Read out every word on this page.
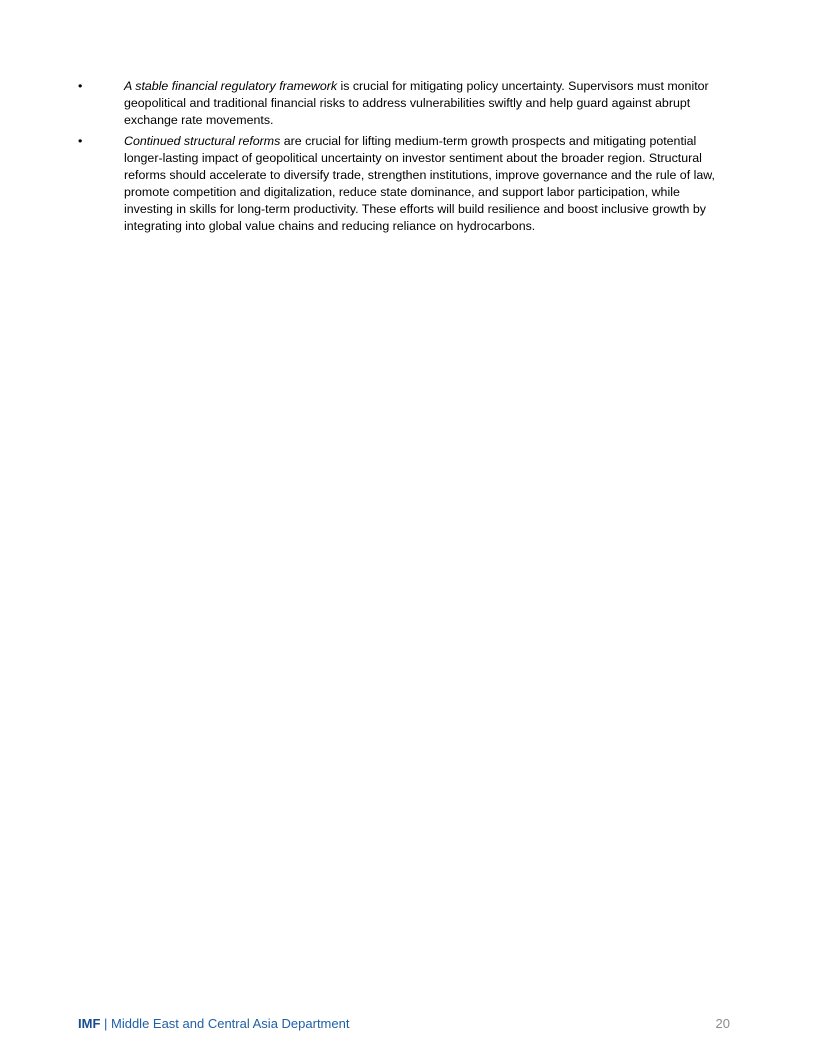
•	A stable financial regulatory framework is crucial for mitigating policy uncertainty. Supervisors must monitor geopolitical and traditional financial risks to address vulnerabilities swiftly and help guard against abrupt exchange rate movements.
•	Continued structural reforms are crucial for lifting medium-term growth prospects and mitigating potential longer-lasting impact of geopolitical uncertainty on investor sentiment about the broader region. Structural reforms should accelerate to diversify trade, strengthen institutions, improve governance and the rule of law, promote competition and digitalization, reduce state dominance, and support labor participation, while investing in skills for long-term productivity. These efforts will build resilience and boost inclusive growth by integrating into global value chains and reducing reliance on hydrocarbons.
IMF | Middle East and Central Asia Department	20
